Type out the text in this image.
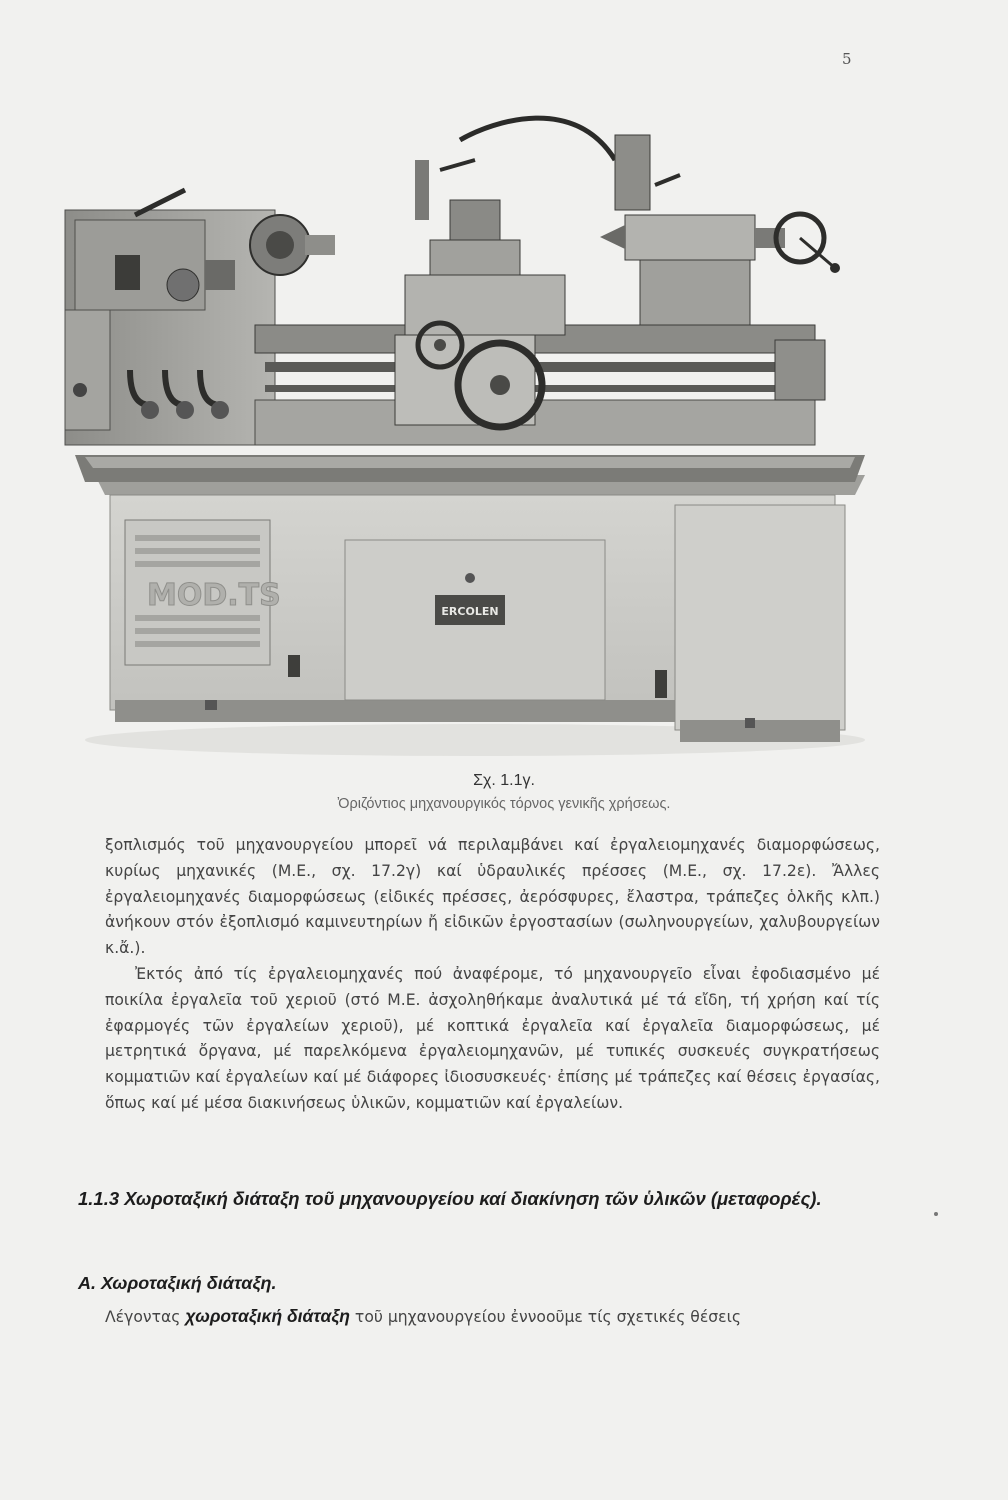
5
MOD.TS	ERCOLEN
Σχ. 1.1γ.
Ὀριζόντιος μηχανουργικός τόρνος γενικῆς χρήσεως.
ξοπλισμός τοῦ μηχανουργείου μπορεῖ νά περιλαμβάνει καί ἐργαλειομηχανές διαμορφώσεως, κυρίως μηχανικές (Μ.Ε., σχ. 17.2γ) καί ὑδραυλικές πρέσσες (Μ.Ε., σχ. 17.2ε). Ἄλλες ἐργαλειομηχανές διαμορφώσεως (εἰδικές πρέσσες, ἀερόσφυρες, ἔλαστρα, τράπεζες ὁλκῆς κλπ.) ἀνήκουν στόν ἐξοπλισμό καμινευτηρίων ἤ εἰδικῶν ἐργοστασίων (σωληνουργείων, χαλυβουργείων κ.ἄ.).
Ἐκτός ἀπό τίς ἐργαλειομηχανές πού ἀναφέρομε, τό μηχανουργεῖο εἶναι ἐφοδιασμένο μέ ποικίλα ἐργαλεῖα τοῦ χεριοῦ (στό Μ.Ε. ἀσχοληθήκαμε ἀναλυτικά μέ τά εἴδη, τή χρήση καί τίς ἐφαρμογές τῶν ἐργαλείων χεριοῦ), μέ κοπτικά ἐργαλεῖα καί ἐργαλεῖα διαμορφώσεως, μέ μετρητικά ὄργανα, μέ παρελκόμενα ἐργαλειομηχανῶν, μέ τυπικές συσκευές συγκρατήσεως κομματιῶν καί ἐργαλείων καί μέ διάφορες ἰδιοσυσκευές· ἐπίσης μέ τράπεζες καί θέσεις ἐργασίας, ὅπως καί μέ μέσα διακινήσεως ὑλικῶν, κομματιῶν καί ἐργαλείων.
1.1.3 Χωροταξική διάταξη τοῦ μηχανουργείου καί διακίνηση τῶν ὑλικῶν (μεταφορές).
Α. Χωροταξική διάταξη.

Λέγοντας χωροταξική διάταξη τοῦ μηχανουργείου ἐννοοῦμε τίς σχετικές θέσεις
